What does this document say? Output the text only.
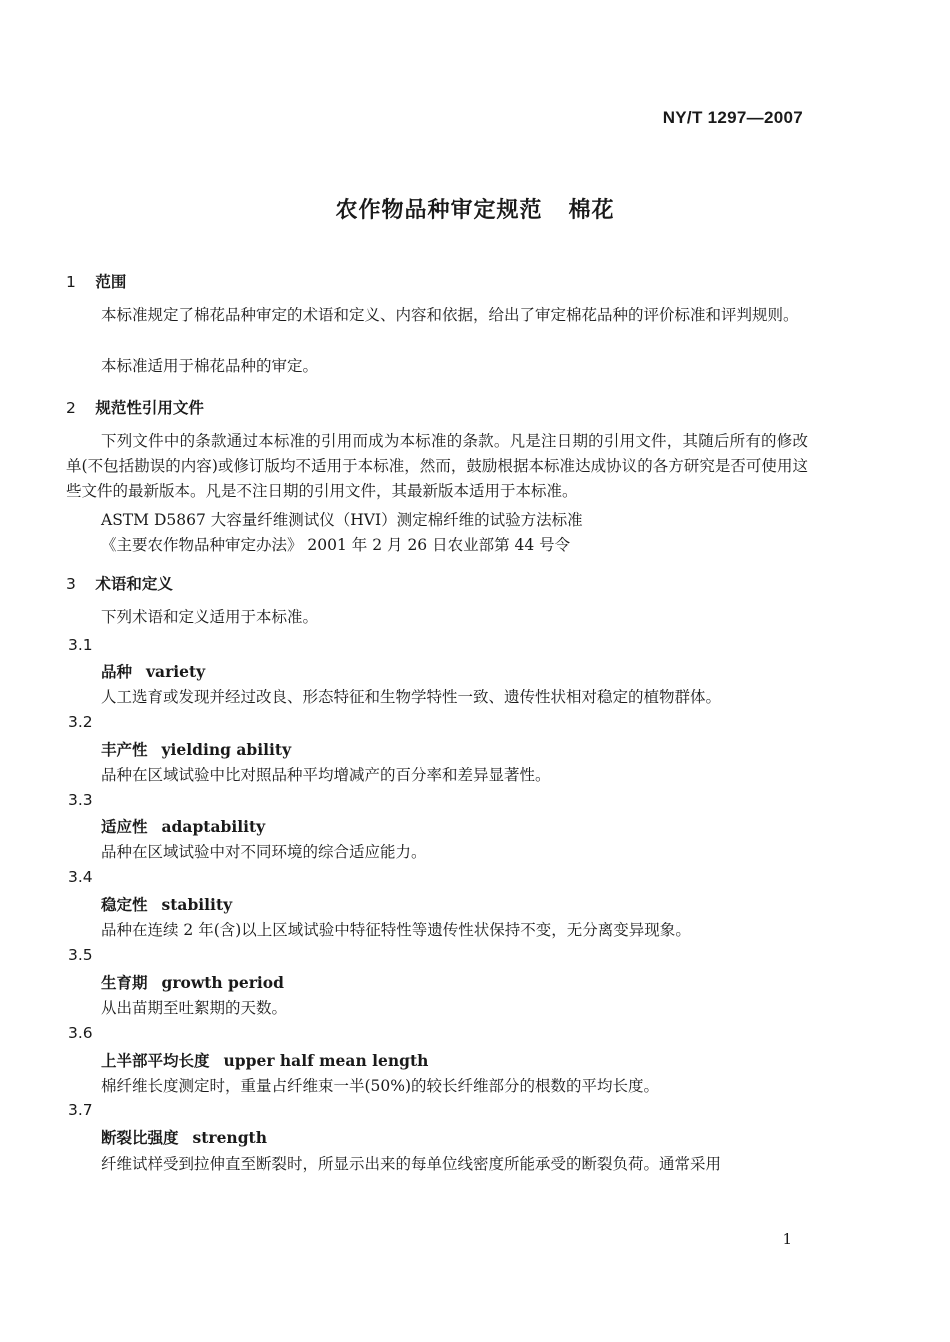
NY/T 1297—2007
农作物品种审定规范   棉花
1 范围
本标准规定了棉花品种审定的术语和定义、内容和依据，给出了审定棉花品种的评价标准和评判规则。
本标准适用于棉花品种的审定。
2 规范性引用文件
下列文件中的条款通过本标准的引用而成为本标准的条款。凡是注日期的引用文件，其随后所有的修改单(不包括勘误的内容)或修订版均不适用于本标准，然而，鼓励根据本标准达成协议的各方研究是否可使用这些文件的最新版本。凡是不注日期的引用文件，其最新版本适用于本标准。
ASTM D5867 大容量纤维测试仪（HVI）测定棉纤维的试验方法标准
《主要农作物品种审定办法》 2001 年 2 月 26 日农业部第 44 号令
3 术语和定义
下列术语和定义适用于本标准。
3.1
品种 variety
人工选育或发现并经过改良、形态特征和生物学特性一致、遗传性状相对稳定的植物群体。
3.2
丰产性 yielding ability
品种在区域试验中比对照品种平均增减产的百分率和差异显著性。
3.3
适应性 adaptability
品种在区域试验中对不同环境的综合适应能力。
3.4
稳定性 stability
品种在连续 2 年(含)以上区域试验中特征特性等遗传性状保持不变，无分离变异现象。
3.5
生育期 growth period
从出苗期至吐絮期的天数。
3.6
上半部平均长度 upper half mean length
棉纤维长度测定时，重量占纤维束一半(50%)的较长纤维部分的根数的平均长度。
3.7
断裂比强度 strength
纤维试样受到拉伸直至断裂时，所显示出来的每单位线密度所能承受的断裂负荷。通常采用
1
